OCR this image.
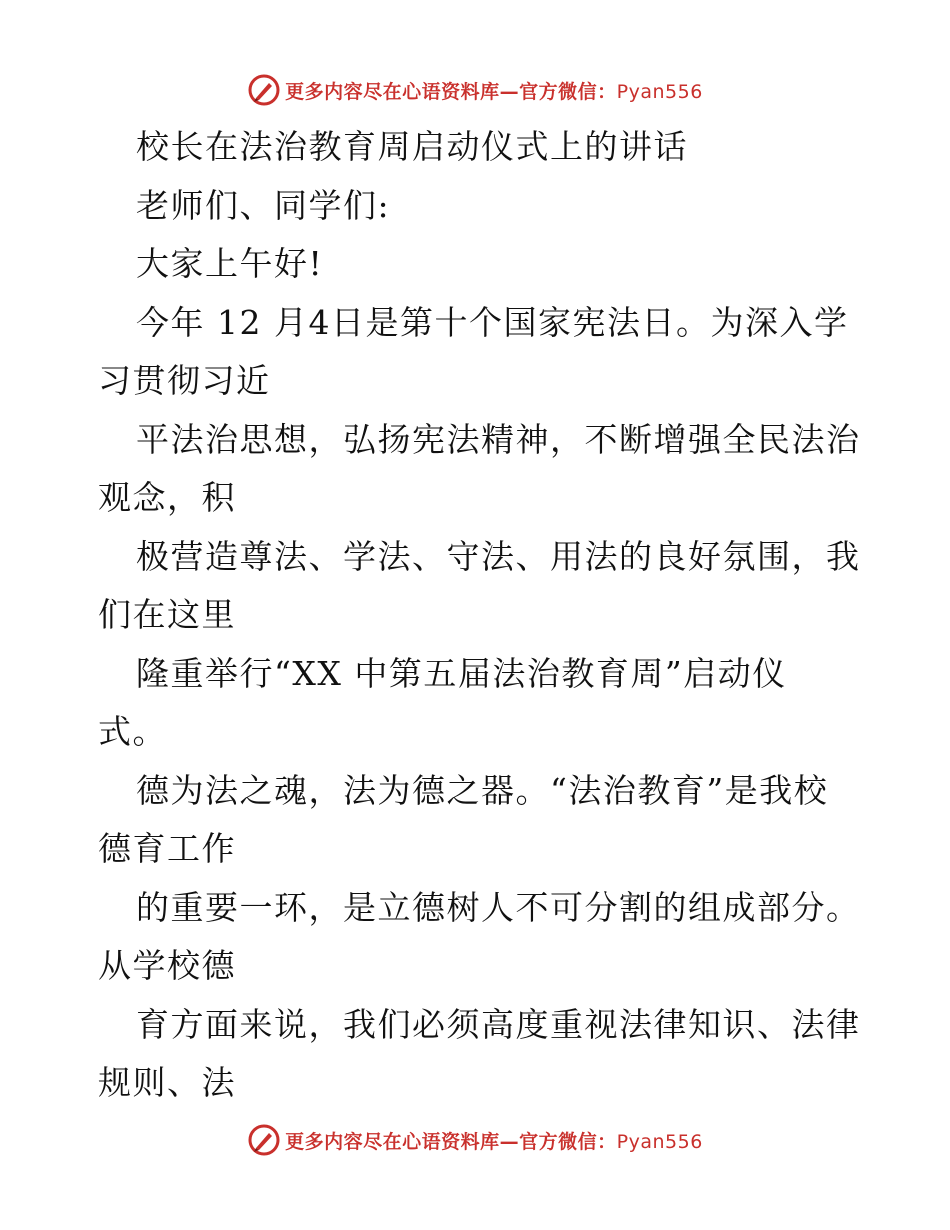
更多内容尽在心语资料库—官方微信：Pyan556
校长在法治教育周启动仪式上的讲话
老师们、同学们:
大家上午好!
今年 12 月4日是第十个国家宪法日。为深入学
习贯彻习近
平法治思想，弘扬宪法精神，不断增强全民法治
观念，积
极营造尊法、学法、守法、用法的良好氛围，我
们在这里
隆重举行“XX 中第五届法治教育周”启动仪
式。
德为法之魂，法为德之器。“法治教育”是我校
德育工作
的重要一环，是立德树人不可分割的组成部分。
从学校德
育方面来说，我们必须高度重视法律知识、法律
规则、法
更多内容尽在心语资料库—官方微信：Pyan556
